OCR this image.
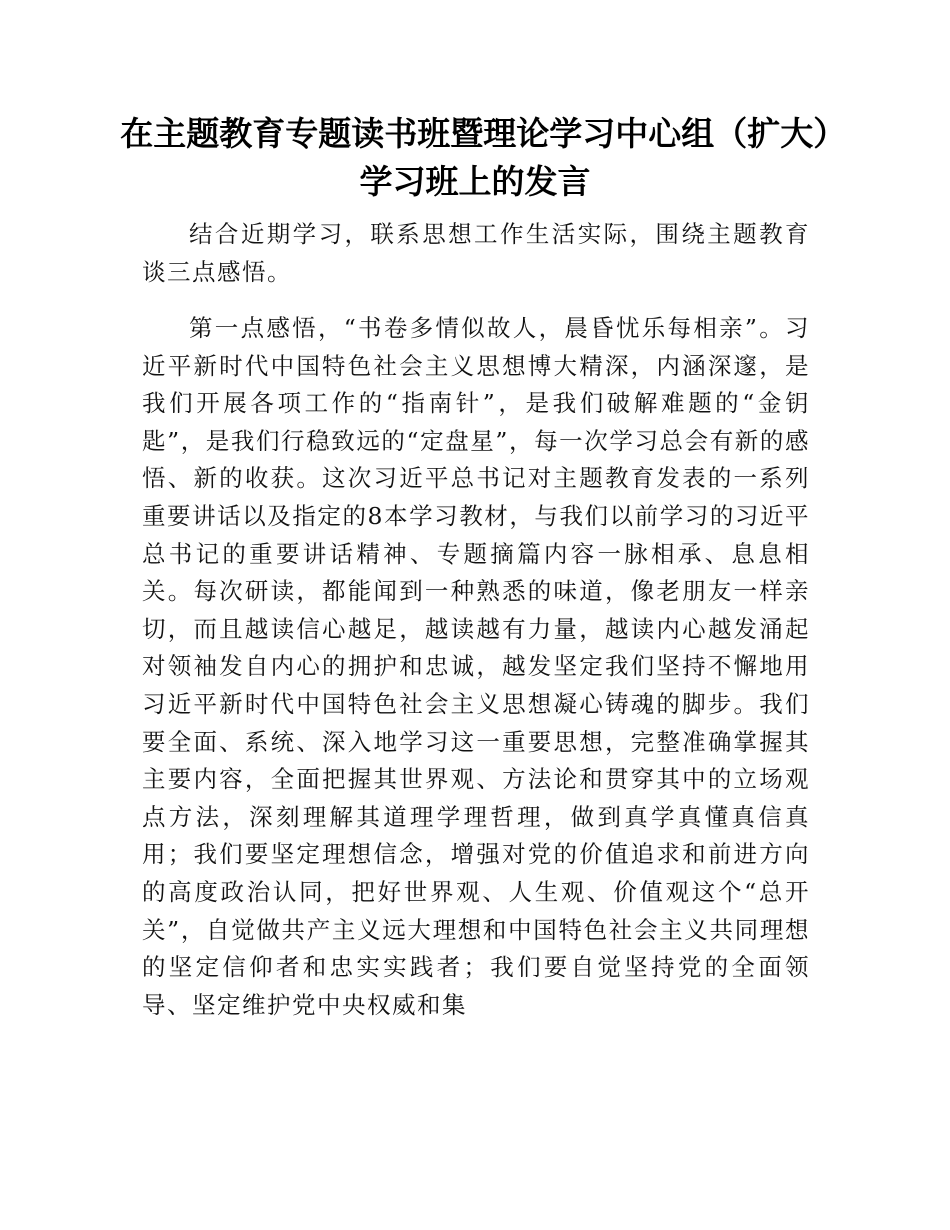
在主题教育专题读书班暨理论学习中心组（扩大）学习班上的发言

结合近期学习，联系思想工作生活实际，围绕主题教育谈三点感悟。

第一点感悟，“书卷多情似故人，晨昏忧乐每相亲”。习近平新时代中国特色社会主义思想博大精深，内涵深邃，是我们开展各项工作的“指南针”，是我们破解难题的“金钥匙”，是我们行稳致远的“定盘星”，每一次学习总会有新的感悟、新的收获。这次习近平总书记对主题教育发表的一系列重要讲话以及指定的8本学习教材，与我们以前学习的习近平总书记的重要讲话精神、专题摘篇内容一脉相承、息息相关。每次研读，都能闻到一种熟悉的味道，像老朋友一样亲切，而且越读信心越足，越读越有力量，越读内心越发涌起对领袖发自内心的拥护和忠诚，越发坚定我们坚持不懈地用习近平新时代中国特色社会主义思想凝心铸魂的脚步。我们要全面、系统、深入地学习这一重要思想，完整准确掌握其主要内容，全面把握其世界观、方法论和贯穿其中的立场观点方法，深刻理解其道理学理哲理，做到真学真懂真信真用；我们要坚定理想信念，增强对党的价值追求和前进方向的高度政治认同，把好世界观、人生观、价值观这个“总开关”，自觉做共产主义远大理想和中国特色社会主义共同理想的坚定信仰者和忠实实践者；我们要自觉坚持党的全面领导、坚定维护党中央权威和集
